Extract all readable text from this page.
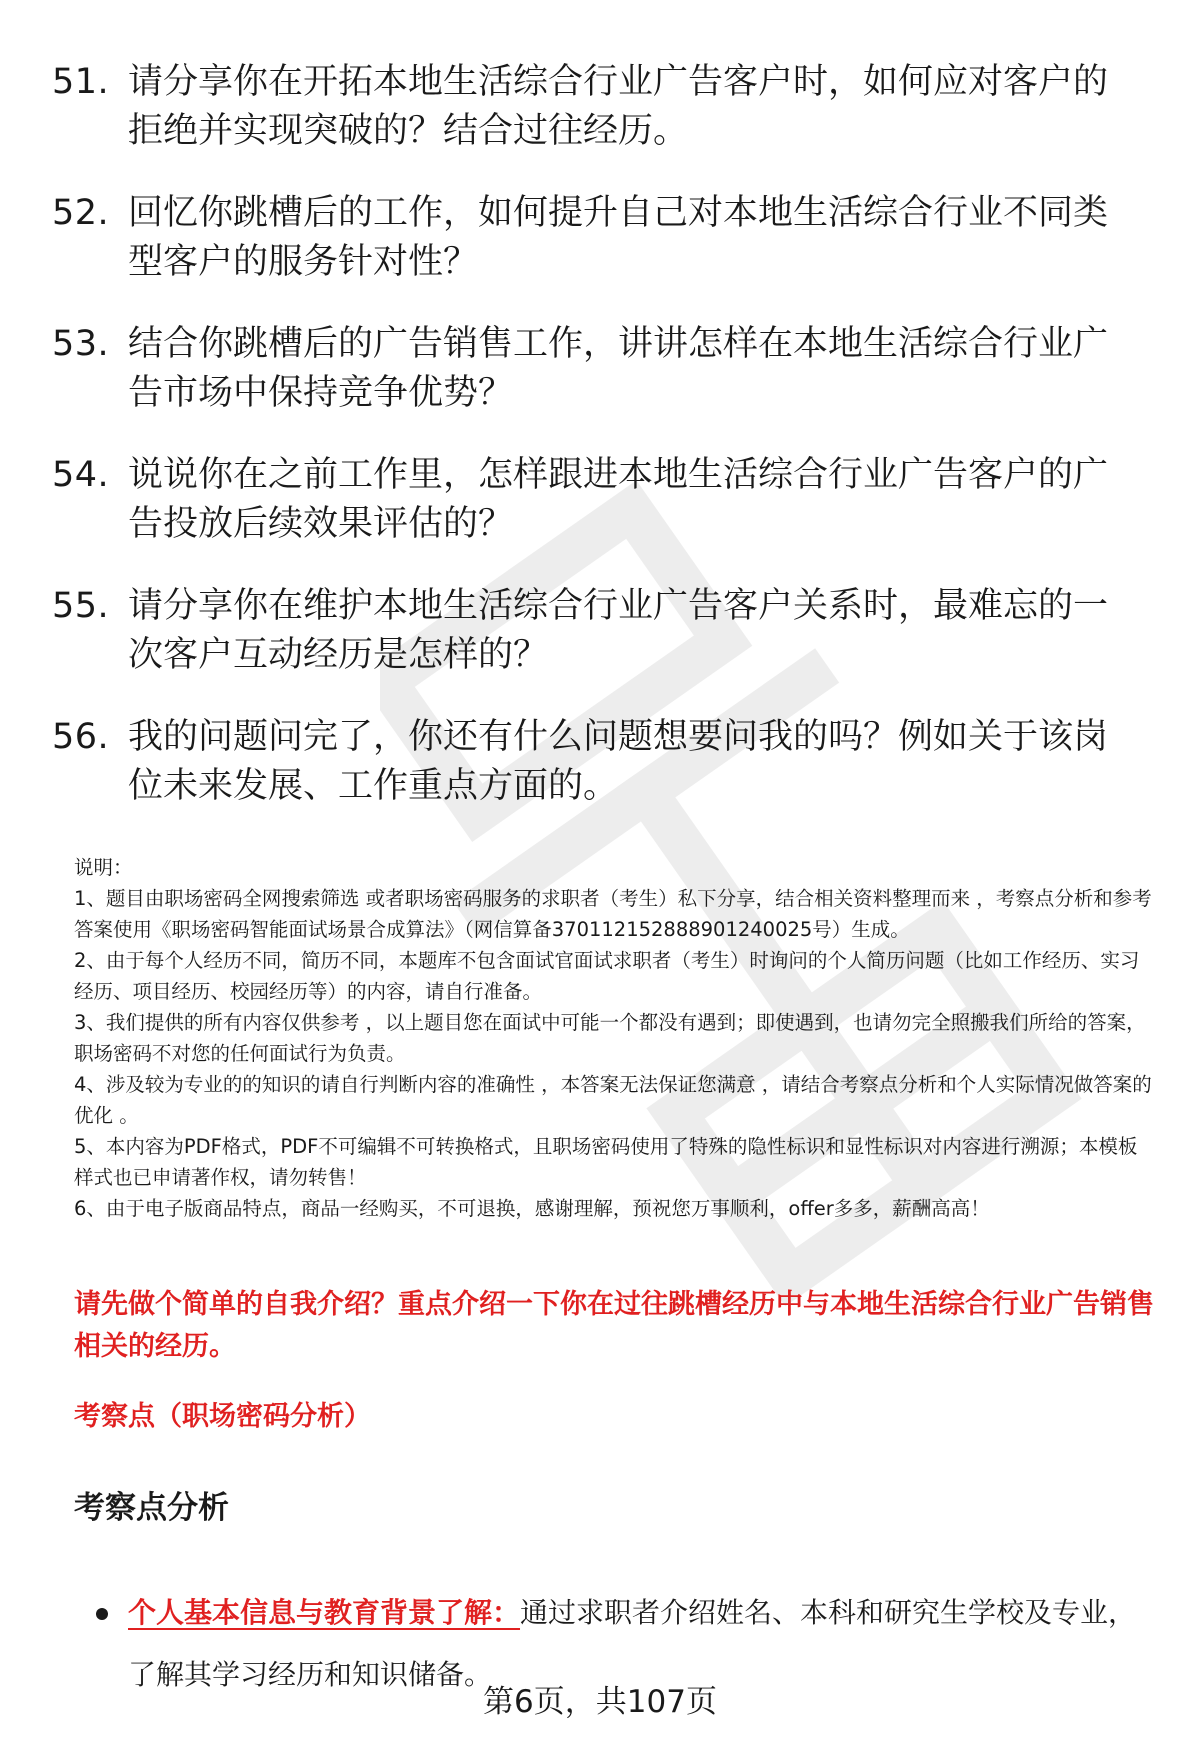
51. 请分享你在开拓本地生活综合行业广告客户时，如何应对客户的拒绝并实现突破的？结合过往经历。
52. 回忆你跳槽后的工作，如何提升自己对本地生活综合行业不同类型客户的服务针对性？
53. 结合你跳槽后的广告销售工作，讲讲怎样在本地生活综合行业广告市场中保持竞争优势？
54. 说说你在之前工作里，怎样跟进本地生活综合行业广告客户的广告投放后续效果评估的？
55. 请分享你在维护本地生活综合行业广告客户关系时，最难忘的一次客户互动经历是怎样的？
56. 我的问题问完了，你还有什么问题想要问我的吗？例如关于该岗位未来发展、工作重点方面的。

说明：

1、题目由职场密码全网搜索筛选 或者职场密码服务的求职者（考生）私下分享，结合相关资料整理而来 ，考察点分析和参考答案使用《职场密码智能面试场景合成算法》（网信算备370112152888901240025号）生成。

2、由于每个人经历不同，简历不同，本题库不包含面试官面试求职者（考生）时询问的个人简历问题（比如工作经历、实习经历、项目经历、校园经历等）的内容，请自行准备。

3、我们提供的所有内容仅供参考 ，以上题目您在面试中可能一个都没有遇到；即使遇到，也请勿完全照搬我们所给的答案，职场密码不对您的任何面试行为负责。

4、涉及较为专业的的知识的请自行判断内容的准确性 ，本答案无法保证您满意 ，请结合考察点分析和个人实际情况做答案的优化 。

5、本内容为PDF格式，PDF不可编辑不可转换格式，且职场密码使用了特殊的隐性标识和显性标识对内容进行溯源；本模板样式也已申请著作权，请勿转售！

6、由于电子版商品特点，商品一经购买，不可退换，感谢理解，预祝您万事顺利，offer多多，薪酬高高！

请先做个简单的自我介绍？重点介绍一下你在过往跳槽经历中与本地生活综合行业广告销售相关的经历。
考察点（职场密码分析）
考察点分析
个人基本信息与教育背景了解：通过求职者介绍姓名、本科和研究生学校及专业，了解其学习经历和知识储备。
第6页，共107页
